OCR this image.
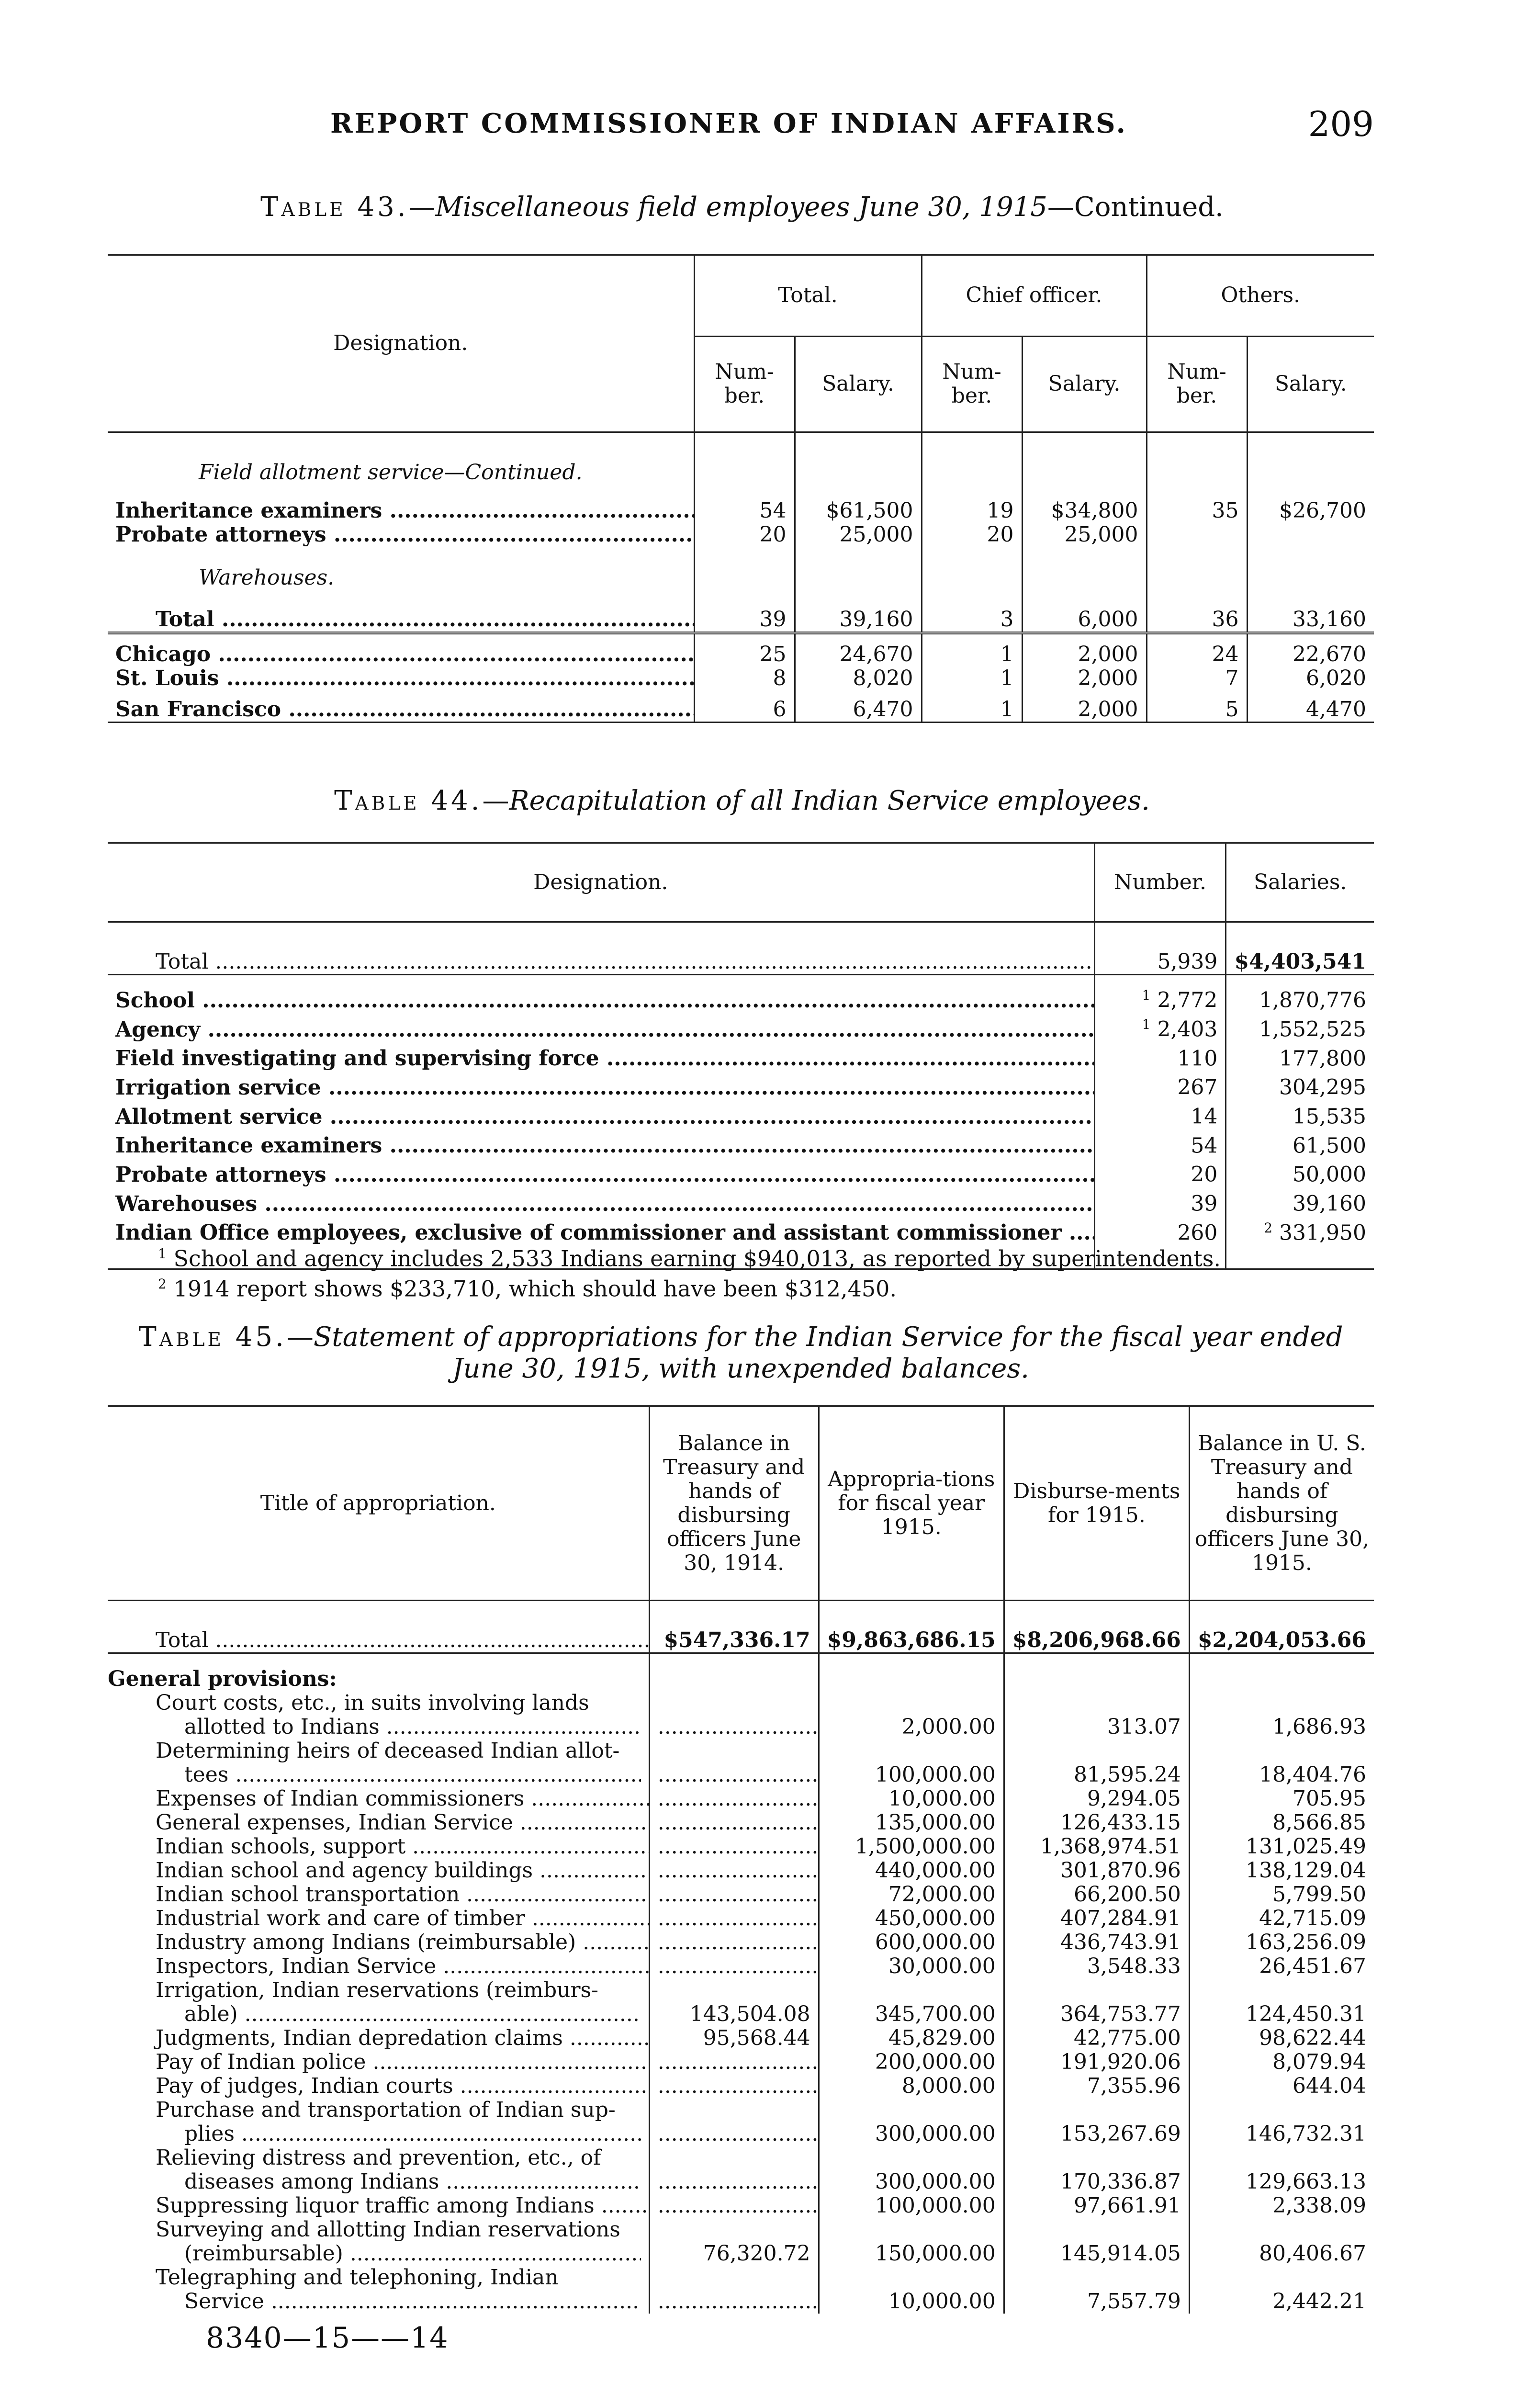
REPORT COMMISSIONER OF INDIAN AFFAIRS.	209
Table 43.—Miscellaneous field employees June 30, 1915—Continued.
Designation.	Total.		Chief officer.		Others.	
	Num-ber.	Salary.	Num-ber.	Salary.	Num-ber.	Salary.
Field allotment service—Continued.						
Inheritance examiners .....	54	$61,500	19	$34,800	35	$26,700
Probate attorneys .....	20	25,000	20	25,000		
Warehouses.						
Total .....	39	39,160	3	6,000	36	33,160
Chicago .....	25	24,670	1	2,000	24	22,670
St. Louis .....	8	8,020	1	2,000	7	6,020
San Francisco .....	6	6,470	1	2,000	5	4,470
Table 44.—Recapitulation of all Indian Service employees.
Designation.	Number.	Salaries.
Total .....	5,939	$4,403,541
School .....	$^1$ 2,772	1,870,776
Agency .....	$^1$ 2,403	1,552,525
Field investigating and supervising force .....	110	177,800
Irrigation service .....	267	304,295
Allotment service .....	14	15,535
Inheritance examiners .....	54	61,500
Probate attorneys .....	20	50,000
Warehouses .....	39	39,160
Indian Office employees, exclusive of commissioner and assistant commissioner .....	260	$^2$ 331,950

$^1$ School and agency includes 2,533 Indians earning $940,013, as reported by superintendents.
$^2$ 1914 report shows $233,710, which should have been $312,450.
Table 45.—Statement of appropriations for the Indian Service for the fiscal year ended
June 30, 1915, with unexpended balances.
Title of appropriation.	Balance in Treasury and hands of disbursing officers June 30, 1914.	Appropria-tions for fiscal year 1915.	Disburse-ments for 1915.	Balance in U. S. Treasury and hands of disbursing officers June 30, 1915.
Total .....	$547,336.17	$9,863,686.15	$8,206,968.66	$2,204,053.66
General provisions:				

Court costs, etc., in suits involving lands
allotted to Indians .....
	.....	2,000.00	313.07	1,686.93

Determining heirs of deceased Indian allot-
tees .....
	.....	100,000.00	81,595.24	18,404.76
Expenses of Indian commissioners .....	.....	10,000.00	9,294.05	705.95
General expenses, Indian Service .....	.....	135,000.00	126,433.15	8,566.85
Indian schools, support .....	.....	1,500,000.00	1,368,974.51	131,025.49
Indian school and agency buildings .....	.....	440,000.00	301,870.96	138,129.04
Indian school transportation .....	.....	72,000.00	66,200.50	5,799.50
Industrial work and care of timber .....	.....	450,000.00	407,284.91	42,715.09
Industry among Indians (reimbursable) .....	.....	600,000.00	436,743.91	163,256.09
Inspectors, Indian Service .....	.....	30,000.00	3,548.33	26,451.67

Irrigation, Indian reservations (reimburs-
able) .....	143,504.08	345,700.00	364,753.77	124,450.31
Judgments, Indian depredation claims .....	95,568.44	45,829.00	42,775.00	98,622.44
Pay of Indian police .....	.....	200,000.00	191,920.06	8,079.94
Pay of judges, Indian courts .....	.....	8,000.00	7,355.96	644.04

Purchase and transportation of Indian sup-
plies .....
	.....	300,000.00	153,267.69	146,732.31

Relieving distress and prevention, etc., of
diseases among Indians .....
	.....	300,000.00	170,336.87	129,663.13
Suppressing liquor traffic among Indians .....	.....	100,000.00	97,661.91	2,338.09

Surveying and allotting Indian reservations
(reimbursable) .....	76,320.72	150,000.00	145,914.05	80,406.67

Telegraphing and telephoning, Indian
Service .....
	.....	10,000.00	7,557.79	2,442.21
8340—15——14
